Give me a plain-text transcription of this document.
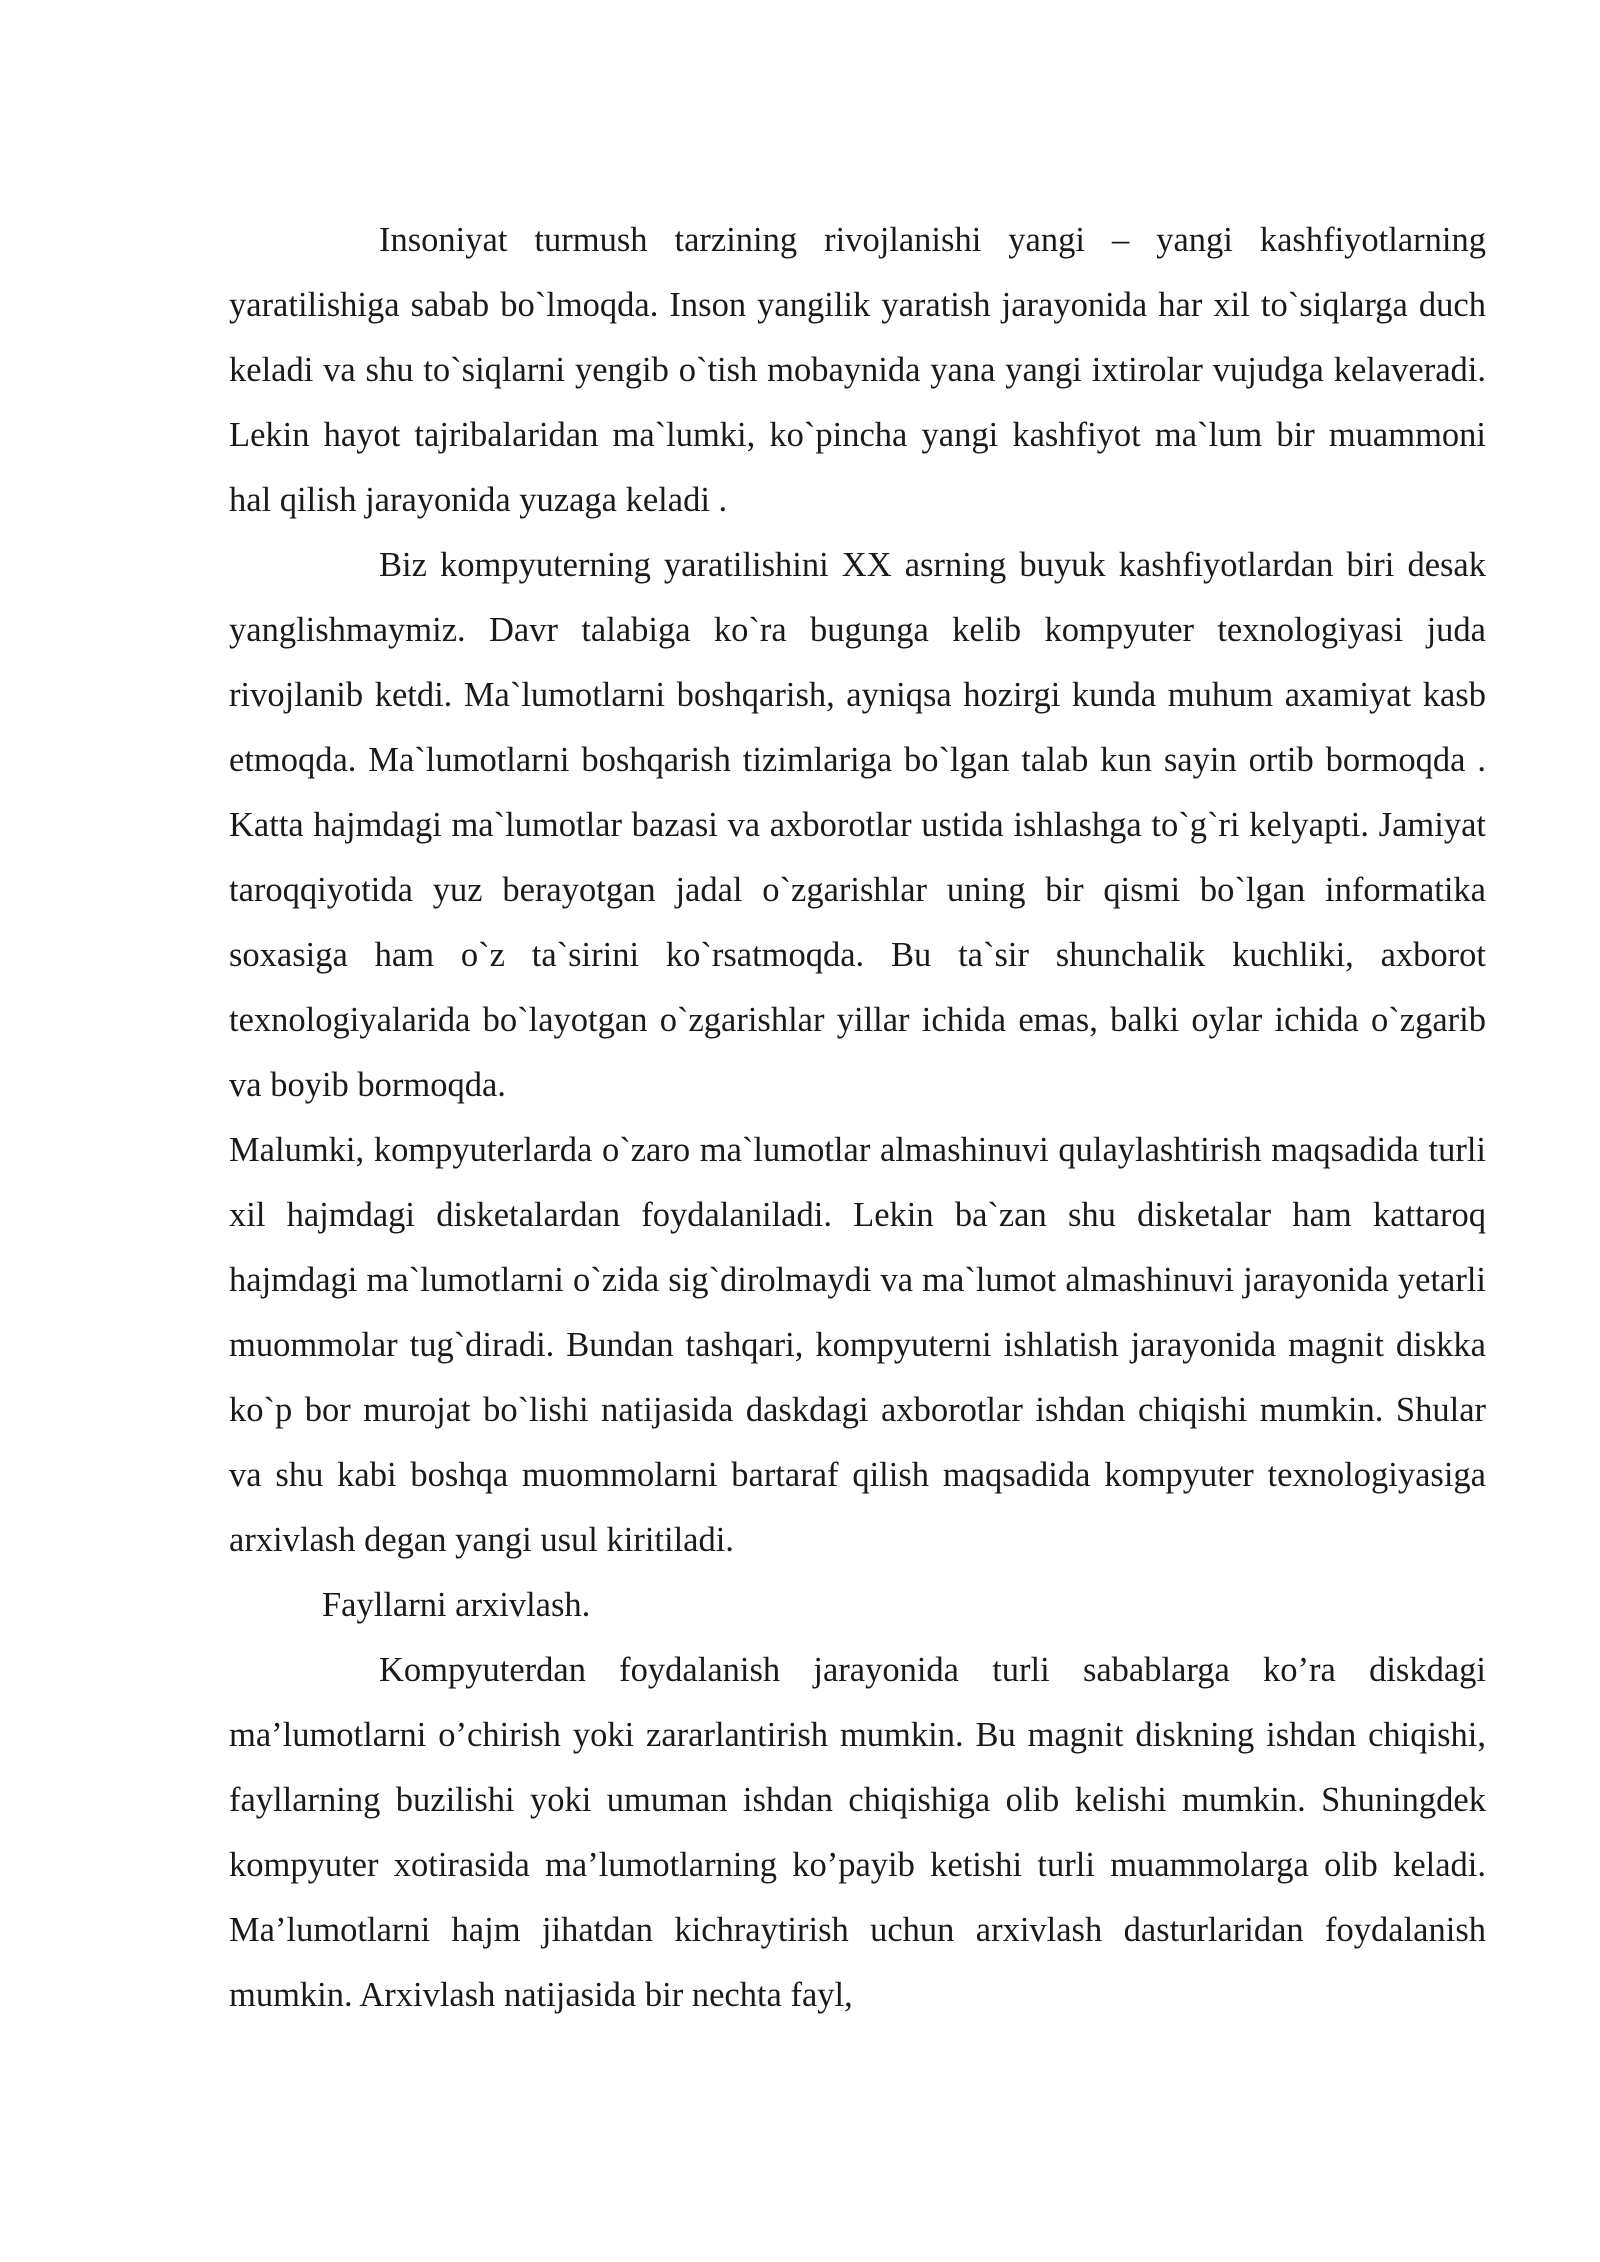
Insoniyat turmush tarzining rivojlanishi yangi – yangi kashfiyotlarning yaratilishiga sabab bo`lmoqda. Inson yangilik yaratish jarayonida har xil to`siqlarga duch keladi va shu to`siqlarni yengib o`tish mobaynida yana yangi ixtirolar vujudga kelaveradi. Lekin hayot tajribalaridan ma`lumki, ko`pincha yangi kashfiyot ma`lum bir muammoni hal qilish jarayonida yuzaga keladi .

Biz kompyuterning yaratilishini XX asrning buyuk kashfiyotlardan biri desak yanglishmaymiz. Davr talabiga ko`ra bugunga kelib kompyuter texnologiyasi juda rivojlanib ketdi. Ma`lumotlarni boshqarish, ayniqsa hozirgi kunda muhum axamiyat kasb etmoqda. Ma`lumotlarni boshqarish tizimlariga bo`lgan talab kun sayin ortib bormoqda . Katta hajmdagi ma`lumotlar bazasi va axborotlar ustida ishlashga to`g`ri kelyapti. Jamiyat taroqqiyotida yuz berayotgan jadal o`zgarishlar uning bir qismi bo`lgan informatika soxasiga ham o`z ta`sirini ko`rsatmoqda. Bu ta`sir shunchalik kuchliki, axborot texnologiyalarida bo`layotgan o`zgarishlar yillar ichida emas, balki oylar ichida o`zgarib va boyib bormoqda.

Malumki, kompyuterlarda o`zaro ma`lumotlar almashinuvi qulaylashtirish maqsadida turli xil hajmdagi disketalardan foydalaniladi. Lekin ba`zan shu disketalar ham kattaroq hajmdagi ma`lumotlarni o`zida sig`dirolmaydi va ma`lumot almashinuvi jarayonida yetarli muommolar tug`diradi. Bundan tashqari, kompyuterni ishlatish jarayonida magnit diskka ko`p bor murojat bo`lishi natijasida daskdagi axborotlar ishdan chiqishi mumkin. Shular va shu kabi boshqa muommolarni bartaraf qilish maqsadida kompyuter texnologiyasiga arxivlash degan yangi usul kiritiladi.

Fayllarni arxivlash.

Kompyuterdan foydalanish jarayonida turli sabablarga ko’ra diskdagi ma’lumotlarni o’chirish yoki zararlantirish mumkin. Bu magnit diskning ishdan chiqishi, fayllarning buzilishi yoki umuman ishdan chiqishiga olib kelishi mumkin. Shuningdek kompyuter xotirasida ma’lumotlarning ko’payib ketishi turli muammolarga olib keladi. Ma’lumotlarni hajm jihatdan kichraytirish uchun arxivlash dasturlaridan foydalanish mumkin. Arxivlash natijasida bir nechta fayl,
